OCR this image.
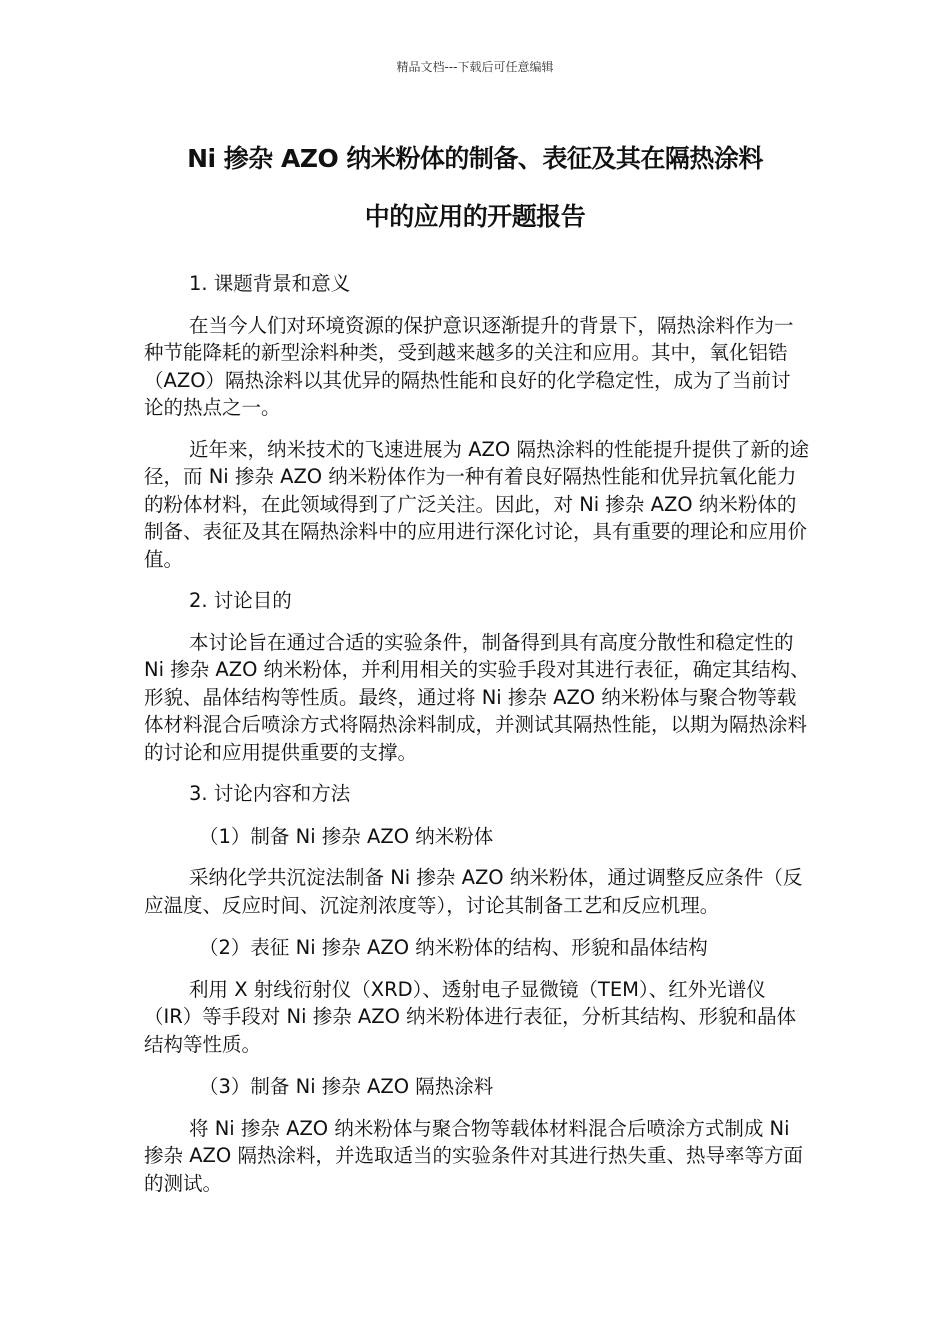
精品文档---下载后可任意编辑
Ni 掺杂 AZO 纳米粉体的制备、表征及其在隔热涂料
中的应用的开题报告

1. 课题背景和意义

在当今人们对环境资源的保护意识逐渐提升的背景下，隔热涂料作为一种节能降耗的新型涂料种类，受到越来越多的关注和应用。其中，氧化铝锆（AZO）隔热涂料以其优异的隔热性能和良好的化学稳定性，成为了当前讨论的热点之一。

近年来，纳米技术的飞速进展为 AZO 隔热涂料的性能提升提供了新的途径，而 Ni 掺杂 AZO 纳米粉体作为一种有着良好隔热性能和优异抗氧化能力的粉体材料，在此领域得到了广泛关注。因此，对 Ni 掺杂 AZO 纳米粉体的制备、表征及其在隔热涂料中的应用进行深化讨论，具有重要的理论和应用价值。

2. 讨论目的

本讨论旨在通过合适的实验条件，制备得到具有高度分散性和稳定性的 Ni 掺杂 AZO 纳米粉体，并利用相关的实验手段对其进行表征，确定其结构、形貌、晶体结构等性质。最终，通过将 Ni 掺杂 AZO 纳米粉体与聚合物等载体材料混合后喷涂方式将隔热涂料制成，并测试其隔热性能，以期为隔热涂料的讨论和应用提供重要的支撑。

3. 讨论内容和方法

（1）制备 Ni 掺杂 AZO 纳米粉体

采纳化学共沉淀法制备 Ni 掺杂 AZO 纳米粉体，通过调整反应条件（反应温度、反应时间、沉淀剂浓度等），讨论其制备工艺和反应机理。

（2）表征 Ni 掺杂 AZO 纳米粉体的结构、形貌和晶体结构

利用 X 射线衍射仪（XRD）、透射电子显微镜（TEM）、红外光谱仪（IR）等手段对 Ni 掺杂 AZO 纳米粉体进行表征，分析其结构、形貌和晶体结构等性质。

（3）制备 Ni 掺杂 AZO 隔热涂料

将 Ni 掺杂 AZO 纳米粉体与聚合物等载体材料混合后喷涂方式制成 Ni 掺杂 AZO 隔热涂料，并选取适当的实验条件对其进行热失重、热导率等方面的测试。
